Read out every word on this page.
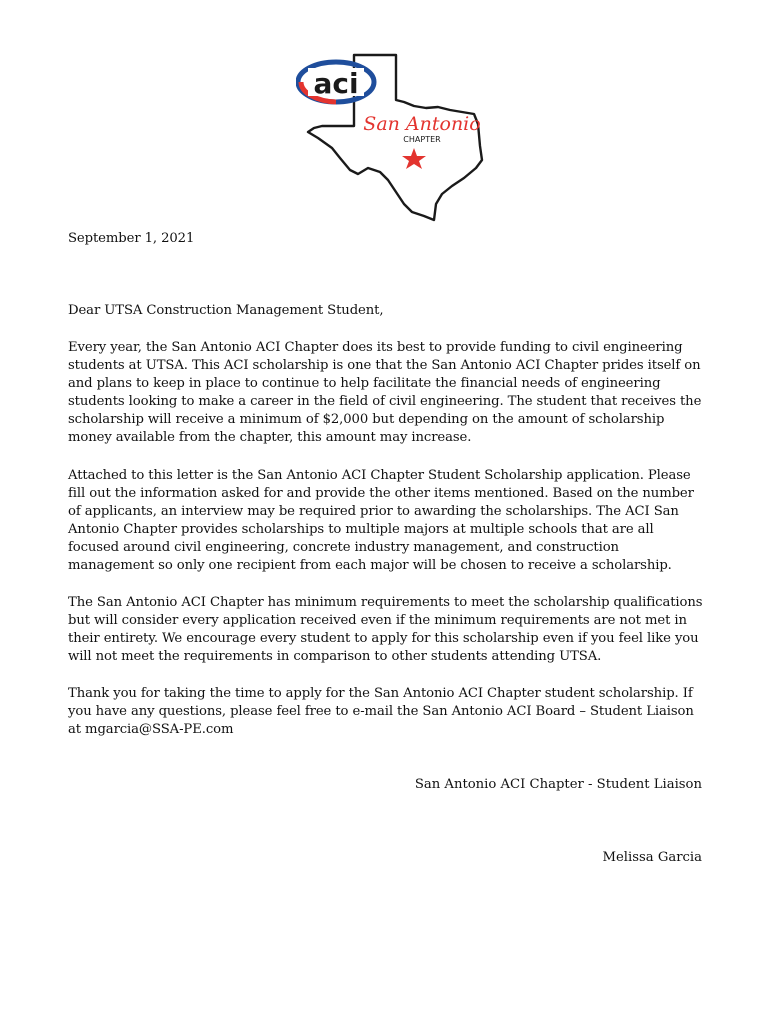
aci
San Antonio
CHAPTER
September 1, 2021
Dear UTSA Construction Management Student,

Every year, the San Antonio ACI Chapter does its best to provide funding to civil engineering students at UTSA. This ACI scholarship is one that the San Antonio ACI Chapter prides itself on and plans to keep in place to continue to help facilitate the financial needs of engineering students looking to make a career in the field of civil engineering. The student that receives the scholarship will receive a minimum of $2,000 but depending on the amount of scholarship money available from the chapter, this amount may increase.

Attached to this letter is the San Antonio ACI Chapter Student Scholarship application. Please fill out the information asked for and provide the other items mentioned. Based on the number of applicants, an interview may be required prior to awarding the scholarships. The ACI San Antonio Chapter provides scholarships to multiple majors at multiple schools that are all focused around civil engineering, concrete industry management, and construction management so only one recipient from each major will be chosen to receive a scholarship.

The San Antonio ACI Chapter has minimum requirements to meet the scholarship qualifications but will consider every application received even if the minimum requirements are not met in their entirety. We encourage every student to apply for this scholarship even if you feel like you will not meet the requirements in comparison to other students attending UTSA.

Thank you for taking the time to apply for the San Antonio ACI Chapter student scholarship. If you have any questions, please feel free to e-mail the San Antonio ACI Board – Student Liaison at mgarcia@SSA-PE.com

San Antonio ACI Chapter - Student Liaison
Melissa Garcia
